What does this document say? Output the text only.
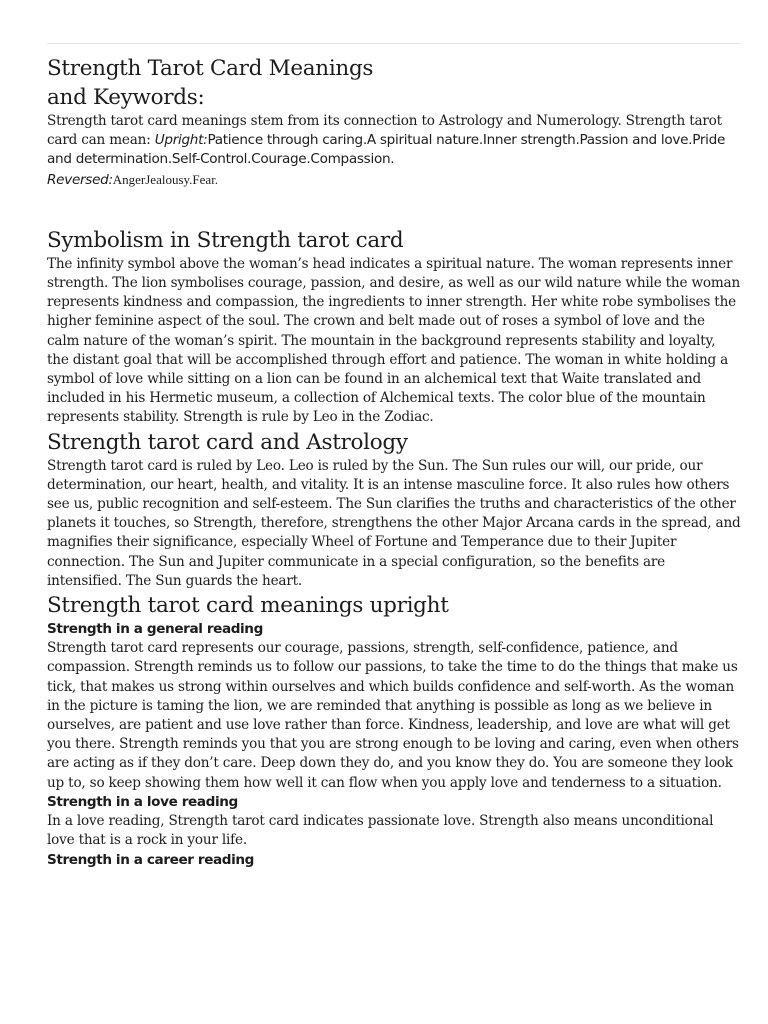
Strength Tarot Card Meanings
and Keywords:

Strength tarot card meanings stem from its connection to Astrology and Numerology. Strength tarot card can mean: Upright:Patience through caring.A spiritual nature.Inner strength.Passion and love.Pride and determination.Self-Control.Courage.Compassion.
Reversed:AngerJealousy.Fear.

Symbolism in Strength tarot card

The infinity symbol above the woman’s head indicates a spiritual nature. The woman represents inner strength. The lion symbolises courage, passion, and desire, as well as our wild nature while the woman represents kindness and compassion, the ingredients to inner strength. Her white robe symbolises the higher feminine aspect of the soul. The crown and belt made out of roses a symbol of love and the calm nature of the woman’s spirit. The mountain in the background represents stability and loyalty, the distant goal that will be accomplished through effort and patience. The woman in white holding a symbol of love while sitting on a lion can be found in an alchemical text that Waite translated and included in his Hermetic museum, a collection of Alchemical texts. The color blue of the mountain represents stability. Strength is rule by Leo in the Zodiac.

Strength tarot card and Astrology

Strength tarot card is ruled by Leo. Leo is ruled by the Sun. The Sun rules our will, our pride, our determination, our heart, health, and vitality. It is an intense masculine force. It also rules how others see us, public recognition and self-esteem. The Sun clarifies the truths and characteristics of the other planets it touches, so Strength, therefore, strengthens the other Major Arcana cards in the spread, and magnifies their significance, especially Wheel of Fortune and Temperance due to their Jupiter connection. The Sun and Jupiter communicate in a special configuration, so the benefits are intensified. The Sun guards the heart.

Strength tarot card meanings upright
Strength in a general reading

Strength tarot card represents our courage, passions, strength, self-confidence, patience, and compassion. Strength reminds us to follow our passions, to take the time to do the things that make us tick, that makes us strong within ourselves and which builds confidence and self-worth. As the woman in the picture is taming the lion, we are reminded that anything is possible as long as we believe in ourselves, are patient and use love rather than force. Kindness, leadership, and love are what will get you there. Strength reminds you that you are strong enough to be loving and caring, even when others are acting as if they don’t care. Deep down they do, and you know they do. You are someone they look up to, so keep showing them how well it can flow when you apply love and tenderness to a situation.

Strength in a love reading

In a love reading, Strength tarot card indicates passionate love. Strength also means unconditional love that is a rock in your life.

Strength in a career reading
